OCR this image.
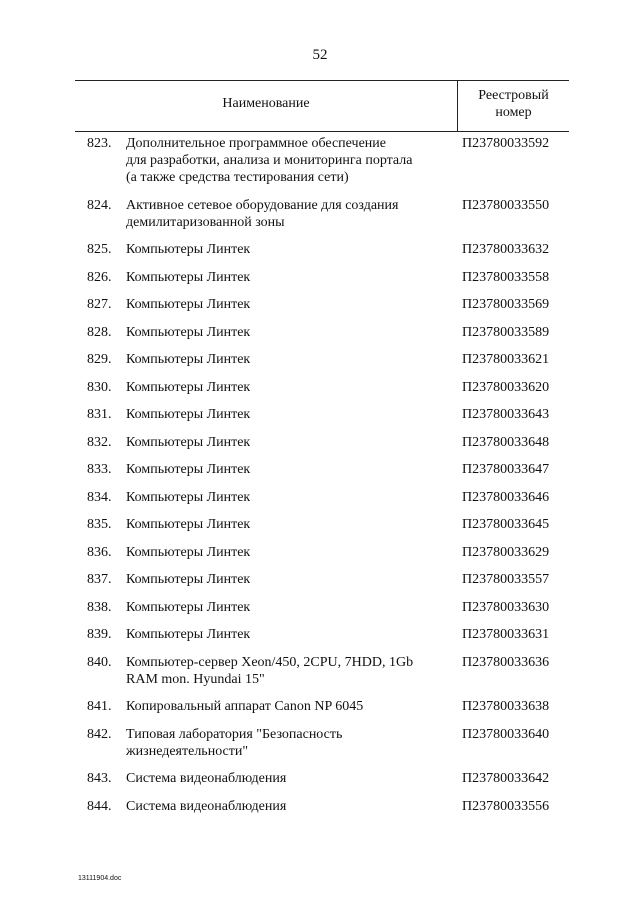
52
Наименование
Реестровый
номер
823. Дополнительное программное обеспечение
для разработки, анализа и мониторинга портала
(а также средства тестирования сети)
П23780033592
824. Активное сетевое оборудование для создания
демилитаризованной зоны
П23780033550
825. Компьютеры Линтек	П23780033632
826. Компьютеры Линтек	П23780033558
827. Компьютеры Линтек	П23780033569
828. Компьютеры Линтек	П23780033589
829. Компьютеры Линтек	П23780033621
830. Компьютеры Линтек	П23780033620
831. Компьютеры Линтек	П23780033643
832. Компьютеры Линтек	П23780033648
833. Компьютеры Линтек	П23780033647
834. Компьютеры Линтек	П23780033646
835. Компьютеры Линтек	П23780033645
836. Компьютеры Линтек	П23780033629
837. Компьютеры Линтек	П23780033557
838. Компьютеры Линтек	П23780033630
839. Компьютеры Линтек	П23780033631
840. Компьютер-сервер Xeon/450, 2CPU, 7HDD, 1Gb
RAM mon. Hyundai 15"
П23780033636
841. Копировальный аппарат Canon NP 6045	П23780033638
842. Типовая лаборатория "Безопасность
жизнедеятельности"
П23780033640
843. Система видеонаблюдения	П23780033642
844. Система видеонаблюдения	П23780033556
13111904.doc
